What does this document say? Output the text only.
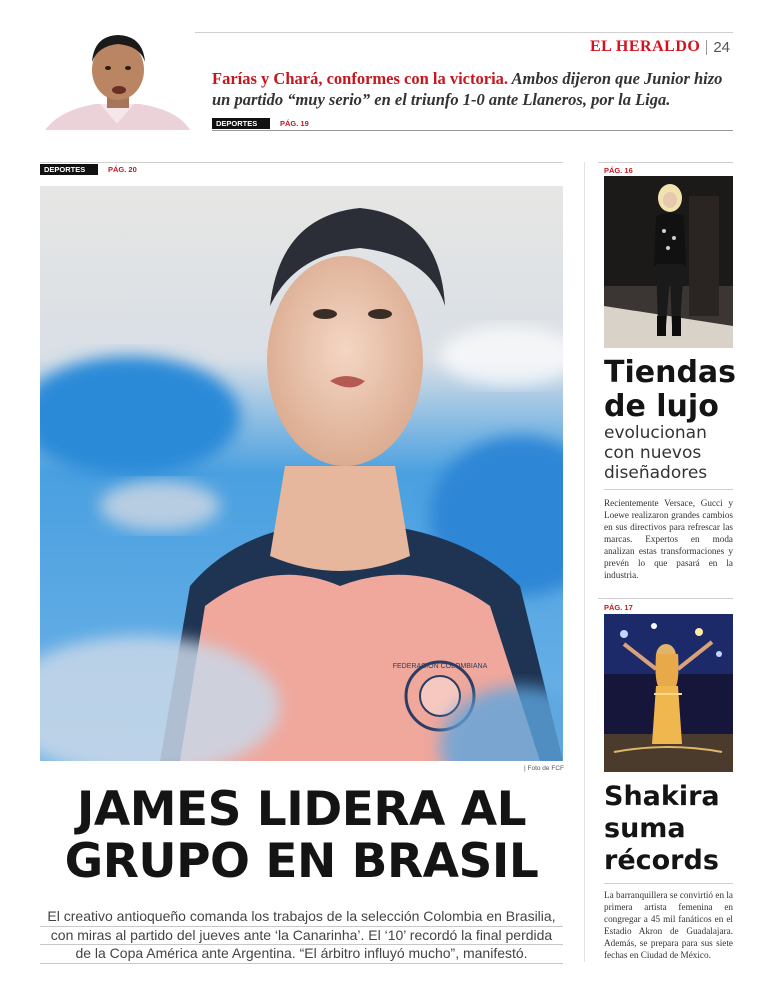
EL HERALDO 24
Farías y Chará, conformes con la victoria. Ambos dijeron que Junior hizo un partido “muy serio” en el triunfo 1-0 ante Llaneros, por la Liga.
DEPORTES	PÁG. 19
DEPORTES	PÁG. 20
FEDERACIÓN COLOMBIANA
| Foto de FCF
JAMES LIDERA AL
GRUPO EN BRASIL
El creativo antioqueño comanda los trabajos de la selección Colombia en Brasilia,
con miras al partido del jueves ante ‘la Canarinha’. El ‘10’ recordó la final perdida
de la Copa América ante Argentina. “El árbitro influyó mucho”, manifestó.
PÁG. 16
Tiendas
de lujo
evolucionan
con nuevos
diseñadores
Recientemente Versace, Gucci y Loewe realizaron grandes cambios en sus directivos para refrescar las marcas. Expertos en moda analizan estas transformaciones y prevén lo que pasará en la industria.
PÁG. 17
Shakira
suma
récords
La barranquillera se convirtió en la primera artista femenina en congregar a 45 mil fanáticos en el Estadio Akron de Guadalajara. Además, se prepara para sus siete fechas en Ciudad de México.
